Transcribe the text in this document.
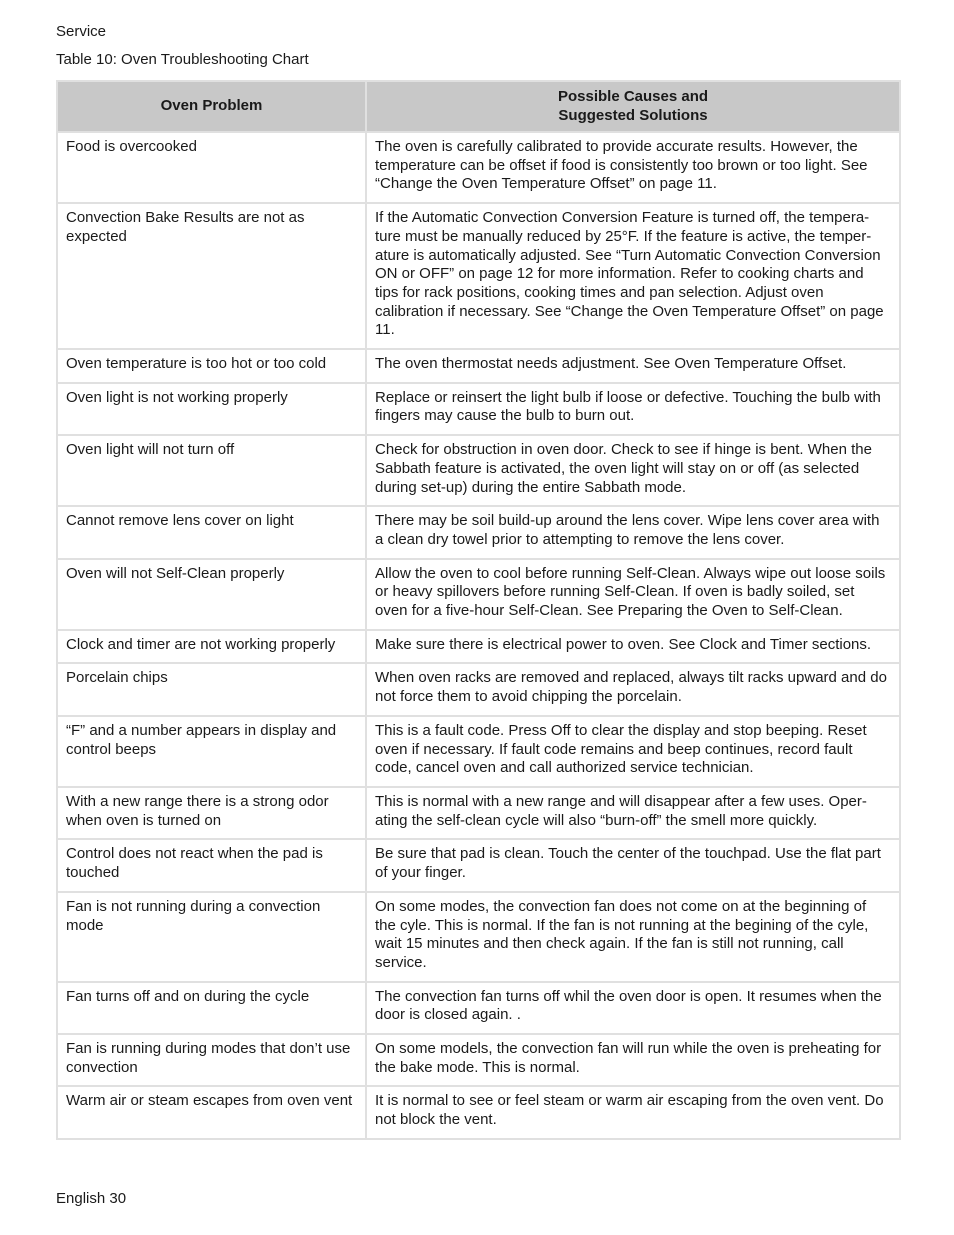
Service
Table 10: Oven Troubleshooting Chart
Oven Problem	Possible Causes and
Suggested Solutions

Food is overcooked	The oven is carefully calibrated to provide accurate results. However, the temperature can be offset if food is consistently too brown or too light. See “Change the Oven Temperature Offset” on page 11.
Convection Bake Results are not as expected	If the Automatic Convection Conversion Feature is turned off, the tempera-ture must be manually reduced by 25°F. If the feature is active, the temper-ature is automatically adjusted. See “Turn Automatic Convection Conversion ON or OFF” on page 12 for more information. Refer to cooking charts and tips for rack positions, cooking times and pan selection. Adjust oven calibration if necessary. See “Change the Oven Temperature Offset” on page 11.
Oven temperature is too hot or too cold	The oven thermostat needs adjustment. See Oven Temperature Offset.
Oven light is not working properly	Replace or reinsert the light bulb if loose or defective. Touching the bulb with fingers may cause the bulb to burn out.
Oven light will not turn off	Check for obstruction in oven door. Check to see if hinge is bent. When the Sabbath feature is activated, the oven light will stay on or off (as selected during set-up) during the entire Sabbath mode.
Cannot remove lens cover on light	There may be soil build-up around the lens cover. Wipe lens cover area with a clean dry towel prior to attempting to remove the lens cover.
Oven will not Self-Clean properly	Allow the oven to cool before running Self-Clean. Always wipe out loose soils or heavy spillovers before running Self-Clean. If oven is badly soiled, set oven for a five-hour Self-Clean. See Preparing the Oven to Self-Clean.
Clock and timer are not working properly	Make sure there is electrical power to oven. See Clock and Timer sections.
Porcelain chips	When oven racks are removed and replaced, always tilt racks upward and do not force them to avoid chipping the porcelain.
“F” and a number appears in display and control beeps	This is a fault code. Press Off to clear the display and stop beeping. Reset oven if necessary. If fault code remains and beep continues, record fault code, cancel oven and call authorized service technician.
With a new range there is a strong odor when oven is turned on	This is normal with a new range and will disappear after a few uses. Oper-ating the self-clean cycle will also “burn-off” the smell more quickly.
Control does not react when the pad is touched	Be sure that pad is clean. Touch the center of the touchpad. Use the flat part of your finger.
Fan is not running during a convection mode	On some modes, the convection fan does not come on at the beginning of the cyle. This is normal. If the fan is not running at the begining of the cyle, wait 15 minutes and then check again. If the fan is still not running, call service.
Fan turns off and on during the cycle	The convection fan turns off whil the oven door is open. It resumes when the door is closed again. .
Fan is running during modes that don’t use convection	On some models, the convection fan will run while the oven is preheating for the bake mode. This is normal.
Warm air or steam escapes from oven vent	It is normal to see or feel steam or warm air escaping from the oven vent. Do not block the vent.
English 30
